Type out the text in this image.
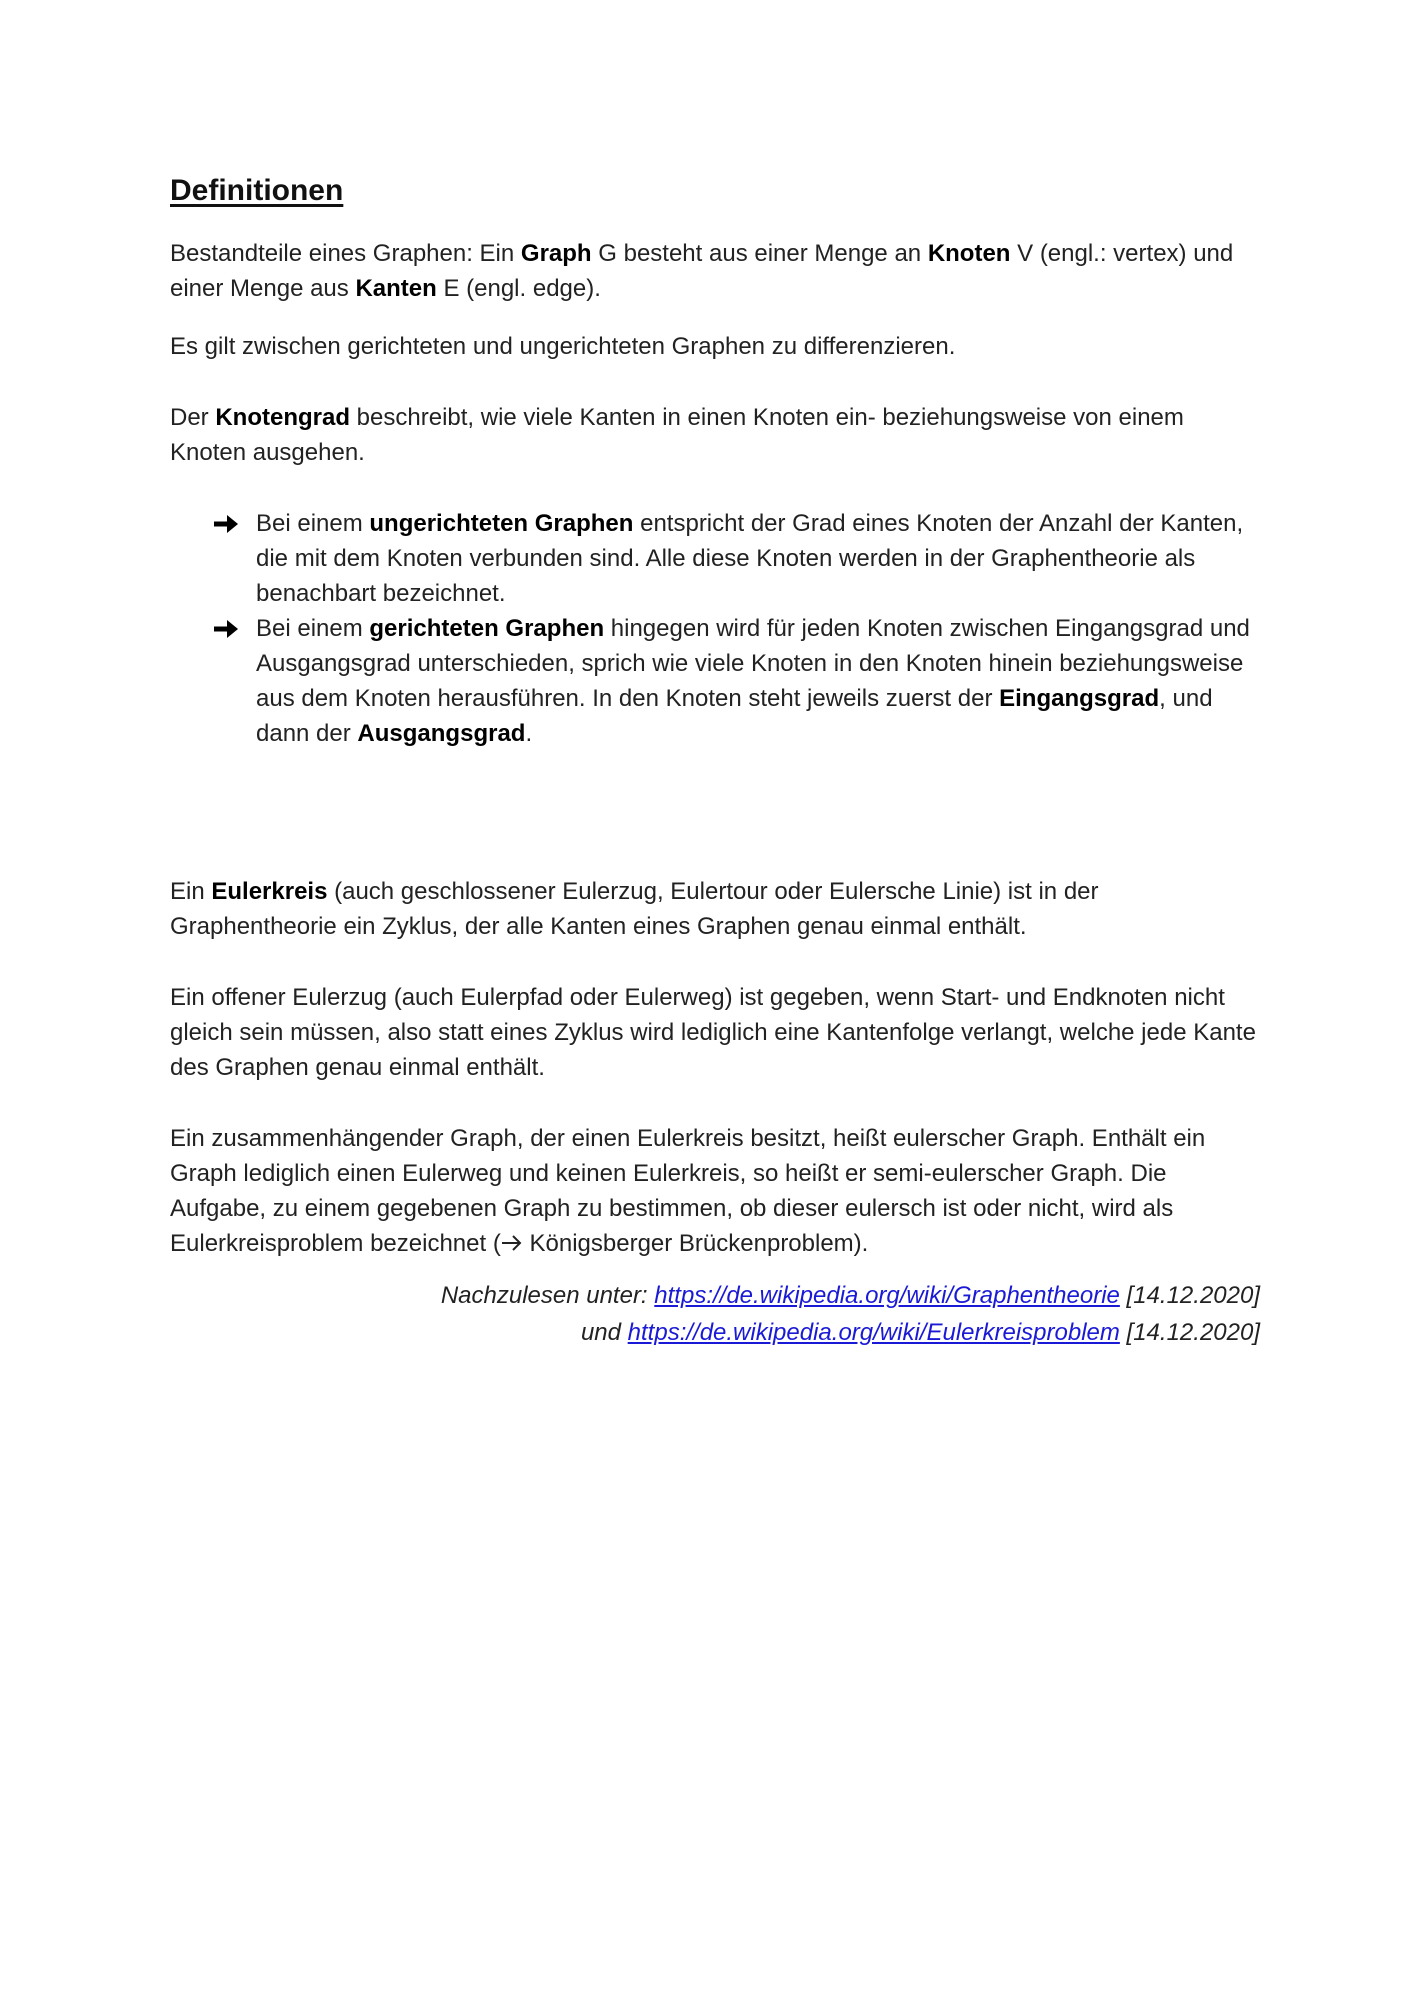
Definitionen

Bestandteile eines Graphen: Ein Graph G besteht aus einer Menge an Knoten V (engl.: vertex) und einer Menge aus Kanten E (engl. edge).

Es gilt zwischen gerichteten und ungerichteten Graphen zu differenzieren.

Der Knotengrad beschreibt, wie viele Kanten in einen Knoten ein- beziehungsweise von einem Knoten ausgehen.

Bei einem ungerichteten Graphen entspricht der Grad eines Knoten der Anzahl der Kanten, die mit dem Knoten verbunden sind. Alle diese Knoten werden in der Graphentheorie als benachbart bezeichnet.
Bei einem gerichteten Graphen hingegen wird für jeden Knoten zwischen Eingangsgrad und Ausgangsgrad unterschieden, sprich wie viele Knoten in den Knoten hinein beziehungsweise aus dem Knoten herausführen. In den Knoten steht jeweils zuerst der Eingangsgrad, und dann der Ausgangsgrad.

Ein Eulerkreis (auch geschlossener Eulerzug, Eulertour oder Eulersche Linie) ist in der Graphentheorie ein Zyklus, der alle Kanten eines Graphen genau einmal enthält.

Ein offener Eulerzug (auch Eulerpfad oder Eulerweg) ist gegeben, wenn Start- und Endknoten nicht gleich sein müssen, also statt eines Zyklus wird lediglich eine Kantenfolge verlangt, welche jede Kante des Graphen genau einmal enthält.

Ein zusammenhängender Graph, der einen Eulerkreis besitzt, heißt eulerscher Graph. Enthält ein Graph lediglich einen Eulerweg und keinen Eulerkreis, so heißt er semi-eulerscher Graph. Die Aufgabe, zu einem gegebenen Graph zu bestimmen, ob dieser eulersch ist oder nicht, wird als Eulerkreisproblem bezeichnet ( Königsberger Brückenproblem).

Nachzulesen unter: https://de.wikipedia.org/wiki/Graphentheorie [14.12.2020]
und https://de.wikipedia.org/wiki/Eulerkreisproblem [14.12.2020]
